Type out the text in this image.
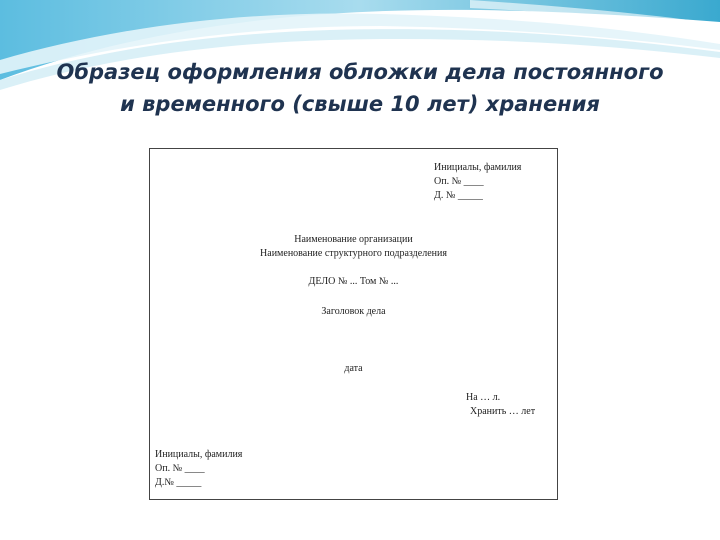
Образец оформления обложки дела постоянного
и временного (свыше 10 лет) хранения
Инициалы, фамилия
Оп. № ____
Д. № _____
Наименование организации
Наименование структурного подразделения
ДЕЛО № ... Том № ...
Заголовок дела
дата
На … л.
Хранить … лет
Инициалы, фамилия
Оп. № ____
Д.№ _____
